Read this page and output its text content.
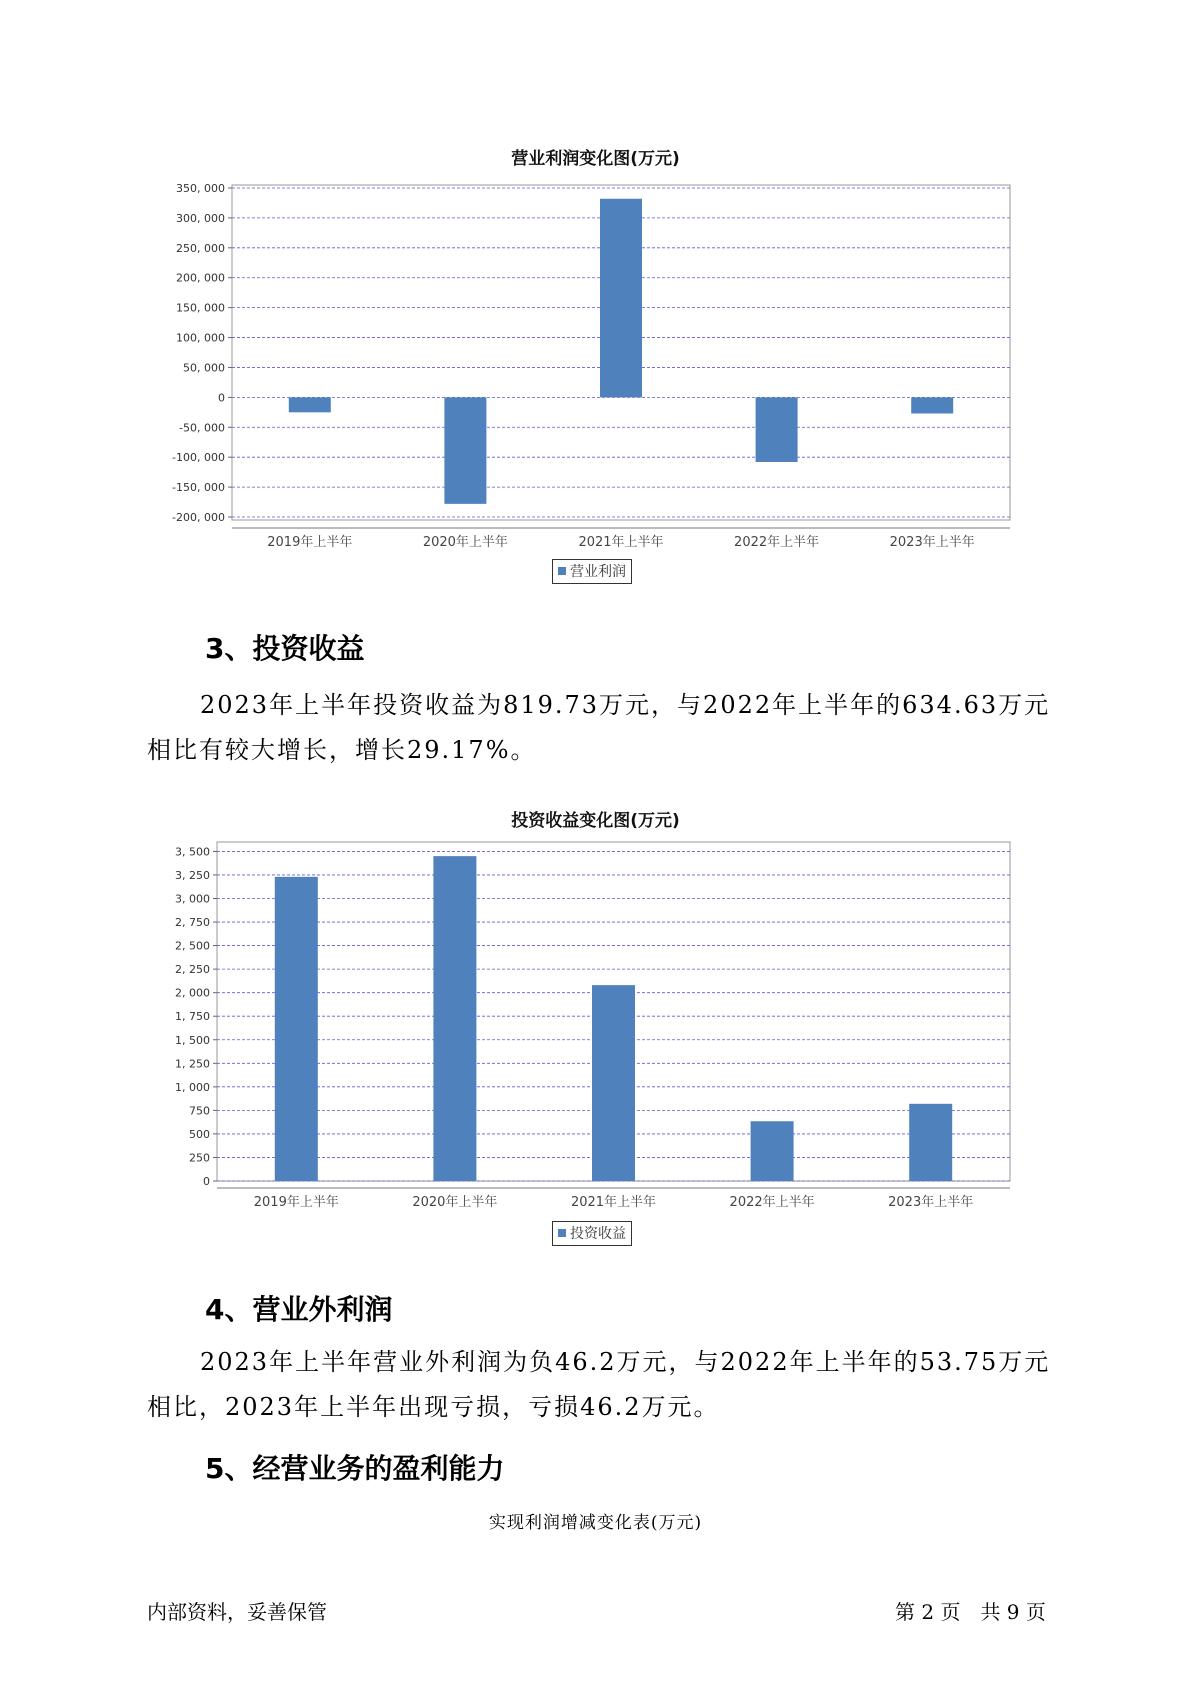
营业利润变化图(万元)
350, 000
300, 000
250, 000
200, 000
150, 000
100, 000
50, 000
0
-50, 000
-100, 000
-150, 000
-200, 000
2019年上半年	2020年上半年	2021年上半年	2022年上半年	2023年上半年
营业利润
3、投资收益
2023年上半年投资收益为819.73万元，与2022年上半年的634.63万元
相比有较大增长，增长29.17%。
投资收益变化图(万元)
3, 500
3, 250
3, 000
2, 750
2, 500
2, 250
2, 000
1, 750
1, 500
1, 250
1, 000
750
500
250
0
2019年上半年	2020年上半年	2021年上半年	2022年上半年	2023年上半年
投资收益
4、营业外利润
2023年上半年营业外利润为负46.2万元，与2022年上半年的53.75万元
相比，2023年上半年出现亏损，亏损46.2万元。
5、经营业务的盈利能力
实现利润增减变化表(万元)
内部资料，妥善保管	第 2 页　共 9 页
